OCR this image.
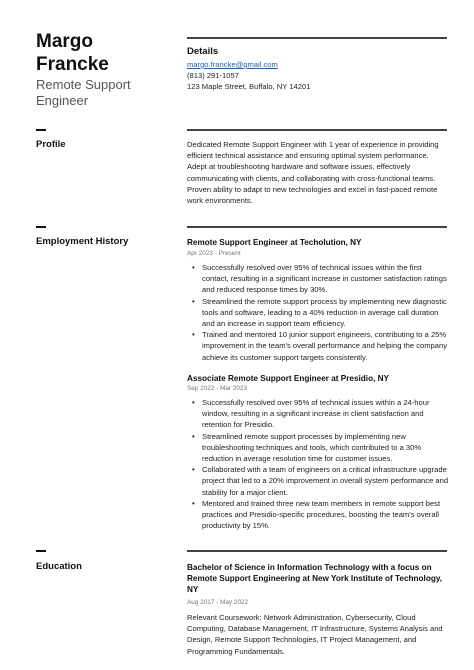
Margo
Francke
Remote Support
Engineer
Details
margo.francke@gmail.com
(813) 291-1057
123 Maple Street, Buffalo, NY 14201
Profile	Dedicated Remote Support Engineer with 1 year of experience in providing efficient technical assistance and ensuring optimal system performance. Adept at troubleshooting hardware and software issues, effectively communicating with clients, and collaborating with cross-functional teams. Proven ability to adapt to new technologies and excel in fast-paced remote work environments.
Employment History	Remote Support Engineer at Techolution, NY
Apr 2023 - Present
• Successfully resolved over 95% of technical issues within the first contact, resulting in a significant increase in customer satisfaction ratings and reduced response times by 30%.
• Streamlined the remote support process by implementing new diagnostic tools and software, leading to a 40% reduction in average call duration and an increase in support team efficiency.
• Trained and mentored 10 junior support engineers, contributing to a 25% improvement in the team's overall performance and helping the company achieve its customer support targets consistently.
Associate Remote Support Engineer at Presidio, NY
Sep 2022 - Mar 2023
• Successfully resolved over 95% of technical issues within a 24-hour window, resulting in a significant increase in client satisfaction and retention for Presidio.
• Streamlined remote support processes by implementing new troubleshooting techniques and tools, which contributed to a 30% reduction in average resolution time for customer issues.
• Collaborated with a team of engineers on a critical infrastructure upgrade project that led to a 20% improvement in overall system performance and stability for a major client.
• Mentored and trained three new team members in remote support best practices and Presidio-specific procedures, boosting the team's overall productivity by 15%.
Education	Bachelor of Science in Information Technology with a focus on Remote Support Engineering at New York Institute of Technology, NY
Aug 2017 - May 2022
Relevant Coursework: Network Administration, Cybersecurity, Cloud Computing, Database Management, IT Infrastructure, Systems Analysis and Design, Remote Support Technologies, IT Project Management, and Programming Fundamentals.
